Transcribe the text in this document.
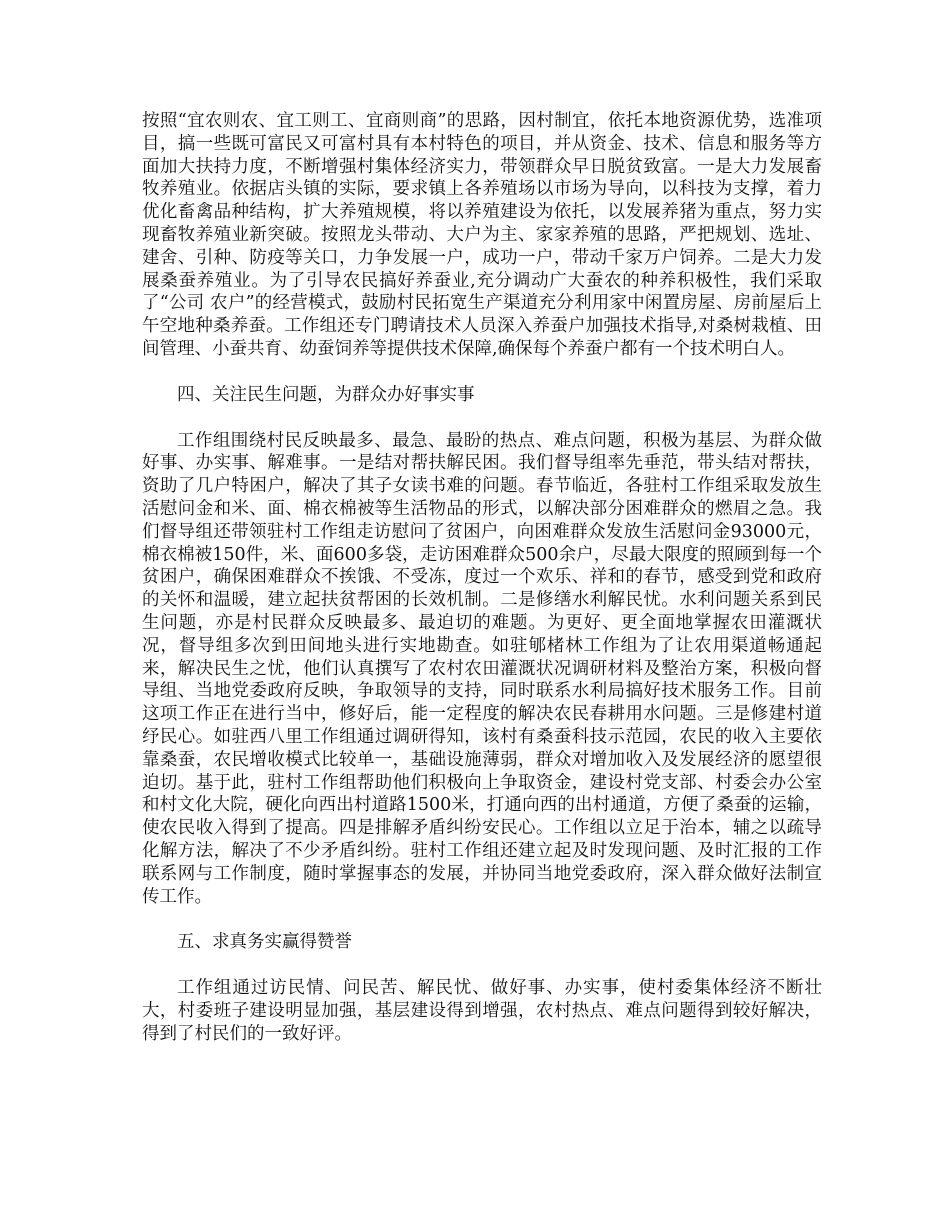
按照“宜农则农、宜工则工、宜商则商”的思路，因村制宜，依托本地资源优势，选准项目，搞一些既可富民又可富村具有本村特色的项目，并从资金、技术、信息和服务等方面加大扶持力度，不断增强村集体经济实力，带领群众早日脱贫致富。一是大力发展畜牧养殖业。依据店头镇的实际，要求镇上各养殖场以市场为导向，以科技为支撑，着力优化畜禽品种结构，扩大养殖规模，将以养殖建设为依托，以发展养猪为重点，努力实现畜牧养殖业新突破。按照龙头带动、大户为主、家家养殖的思路，严把规划、选址、建舍、引种、防疫等关口，力争发展一户，成功一户，带动千家万户饲养。二是大力发展桑蚕养殖业。为了引导农民搞好养蚕业,充分调动广大蚕农的种养积极性，我们采取了“公司 农户”的经营模式，鼓励村民拓宽生产渠道充分利用家中闲置房屋、房前屋后上午空地种桑养蚕。工作组还专门聘请技术人员深入养蚕户加强技术指导,对桑树栽植、田间管理、小蚕共育、幼蚕饲养等提供技术保障,确保每个养蚕户都有一个技术明白人。

四、关注民生问题，为群众办好事实事

工作组围绕村民反映最多、最急、最盼的热点、难点问题，积极为基层、为群众做好事、办实事、解难事。一是结对帮扶解民困。我们督导组率先垂范，带头结对帮扶，资助了几户特困户，解决了其子女读书难的问题。春节临近，各驻村工作组采取发放生活慰问金和米、面、棉衣棉被等生活物品的形式，以解决部分困难群众的燃眉之急。我们督导组还带领驻村工作组走访慰问了贫困户，向困难群众发放生活慰问金93000元，棉衣棉被150件，米、面600多袋，走访困难群众500余户，尽最大限度的照顾到每一个贫困户，确保困难群众不挨饿、不受冻，度过一个欢乐、祥和的春节，感受到党和政府的关怀和温暖，建立起扶贫帮困的长效机制。二是修缮水利解民忧。水利问题关系到民生问题，亦是村民群众反映最多、最迫切的难题。为更好、更全面地掌握农田灌溉状况，督导组多次到田间地头进行实地勘查。如驻郇楮林工作组为了让农用渠道畅通起来，解决民生之忧，他们认真撰写了农村农田灌溉状况调研材料及整治方案，积极向督导组、当地党委政府反映，争取领导的支持，同时联系水利局搞好技术服务工作。目前这项工作正在进行当中，修好后，能一定程度的解决农民春耕用水问题。三是修建村道纾民心。如驻西八里工作组通过调研得知，该村有桑蚕科技示范园，农民的收入主要依靠桑蚕，农民增收模式比较单一，基础设施薄弱，群众对增加收入及发展经济的愿望很迫切。基于此，驻村工作组帮助他们积极向上争取资金，建设村党支部、村委会办公室和村文化大院，硬化向西出村道路1500米，打通向西的出村通道，方便了桑蚕的运输，使农民收入得到了提高。四是排解矛盾纠纷安民心。工作组以立足于治本，辅之以疏导化解方法，解决了不少矛盾纠纷。驻村工作组还建立起及时发现问题、及时汇报的工作联系网与工作制度，随时掌握事态的发展，并协同当地党委政府，深入群众做好法制宣传工作。

五、求真务实赢得赞誉

工作组通过访民情、问民苦、解民忧、做好事、办实事，使村委集体经济不断壮大，村委班子建设明显加强，基层建设得到增强，农村热点、难点问题得到较好解决，得到了村民们的一致好评。
